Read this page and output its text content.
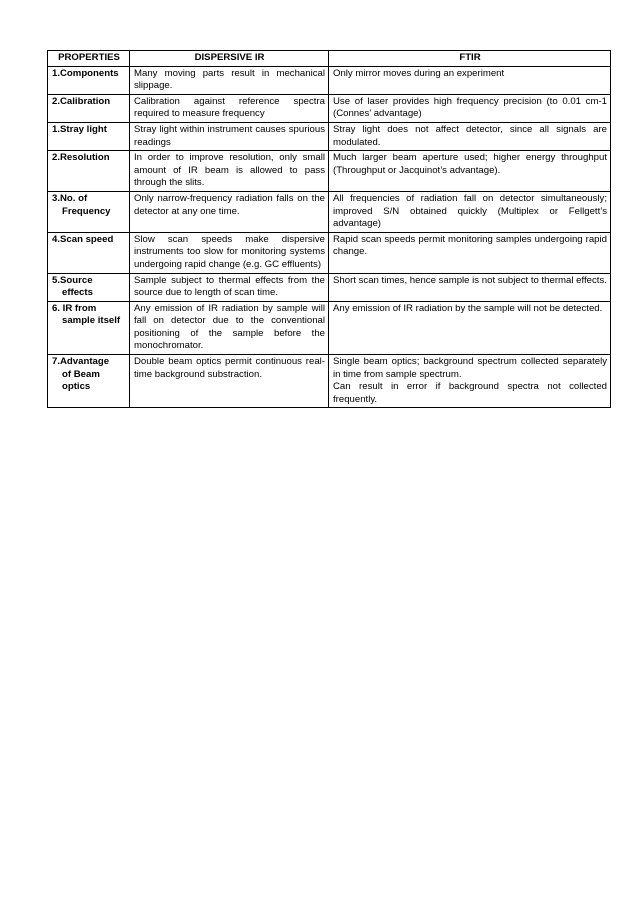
PROPERTIES	DISPERSIVE IR	FTIR

1.Components	Many moving parts result in mechanical slippage.	Only mirror moves during an experiment

2.Calibration	Calibration against reference spectra required to measure frequency	Use of laser provides high frequency precision (to 0.01 cm-1 (Connes’ advantage)

1.Stray light	Stray light within instrument causes spurious readings	Stray light does not affect detector, since all signals are modulated.

2.Resolution	In order to improve resolution, only small amount of IR beam is allowed to pass through the slits.	Much larger beam aperture used; higher energy throughput (Throughput or Jacquinot’s advantage).

3.No. of
Frequency	Only narrow-frequency radiation falls on the detector at any one time.	All frequencies of radiation fall on detector simultaneously; improved S/N obtained quickly (Multiplex or Fellgett’s advantage)

4.Scan speed	Slow scan speeds make dispersive instruments too slow for monitoring systems undergoing rapid change (e.g. GC effluents)	Rapid scan speeds permit monitoring samples undergoing rapid change.

5.Source
effects	Sample subject to thermal effects from the source due to length of scan time.	Short scan times, hence sample is not subject to thermal effects.

6. IR from
sample itself	Any emission of IR radiation by sample will fall on detector due to the conventional positioning of the sample before the monochromator.	Any emission of IR radiation by the sample will not be detected.

7.Advantage
of Beam
optics	Double beam optics permit continuous real-time background substraction.	Single beam optics; background spectrum collected separately in time from sample spectrum.
Can result in error if background spectra not collected frequently.
